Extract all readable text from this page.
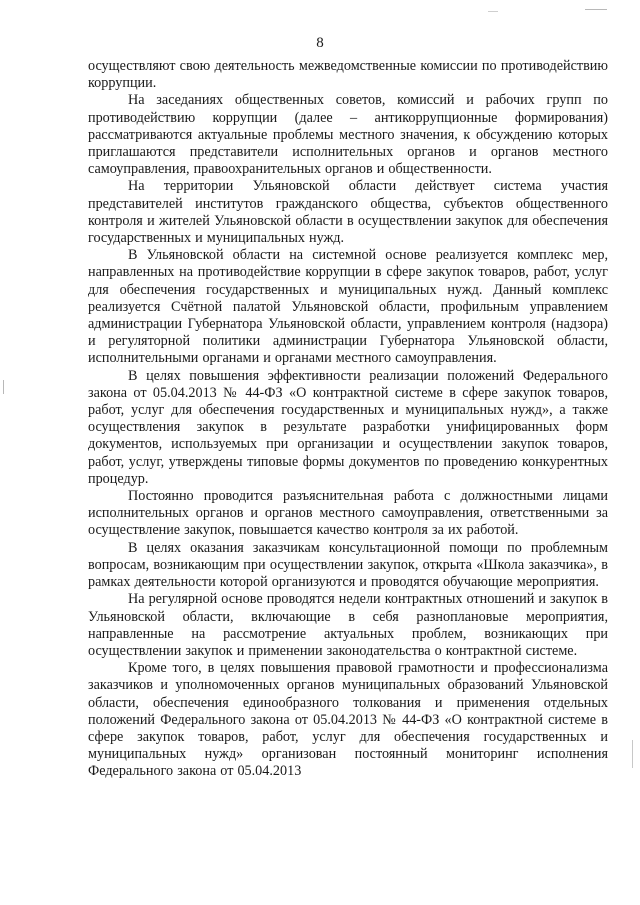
8

осуществляют свою деятельность межведомственные комиссии по противодействию коррупции.

На заседаниях общественных советов, комиссий и рабочих групп по противодействию коррупции (далее – антикоррупционные формирования) рассматриваются актуальные проблемы местного значения, к обсуждению которых приглашаются представители исполнительных органов и органов местного самоуправления, правоохранительных органов и общественности.

На территории Ульяновской области действует система участия представителей институтов гражданского общества, субъектов общественного контроля и жителей Ульяновской области в осуществлении закупок для обеспечения государственных и муниципальных нужд.

В Ульяновской области на системной основе реализуется комплекс мер, направленных на противодействие коррупции в сфере закупок товаров, работ, услуг для обеспечения государственных и муниципальных нужд. Данный комплекс реализуется Счётной палатой Ульяновской области, профильным управлением администрации Губернатора Ульяновской области, управлением контроля (надзора) и регуляторной политики администрации Губернатора Ульяновской области, исполнительными органами и органами местного самоуправления.

В целях повышения эффективности реализации положений Федерального закона от 05.04.2013 № 44-ФЗ «О контрактной системе в сфере закупок товаров, работ, услуг для обеспечения государственных и муниципальных нужд», а также осуществления закупок в результате разработки унифицированных форм документов, используемых при организации и осуществлении закупок товаров, работ, услуг, утверждены типовые формы документов по проведению конкурентных процедур.

Постоянно проводится разъяснительная работа с должностными лицами исполнительных органов и органов местного самоуправления, ответственными за осуществление закупок, повышается качество контроля за их работой.

В целях оказания заказчикам консультационной помощи по проблемным вопросам, возникающим при осуществлении закупок, открыта «Школа заказчика», в рамках деятельности которой организуются и проводятся обучающие мероприятия.

На регулярной основе проводятся недели контрактных отношений и закупок в Ульяновской области, включающие в себя разноплановые мероприятия, направленные на рассмотрение актуальных проблем, возникающих при осуществлении закупок и применении законодательства о контрактной системе.

Кроме того, в целях повышения правовой грамотности и профессионализма заказчиков и уполномоченных органов муниципальных образований Ульяновской области, обеспечения единообразного толкования и применения отдельных положений Федерального закона от 05.04.2013 № 44-ФЗ «О контрактной системе в сфере закупок товаров, работ, услуг для обеспечения государственных и муниципальных нужд» организован постоянный мониторинг исполнения Федерального закона от 05.04.2013
